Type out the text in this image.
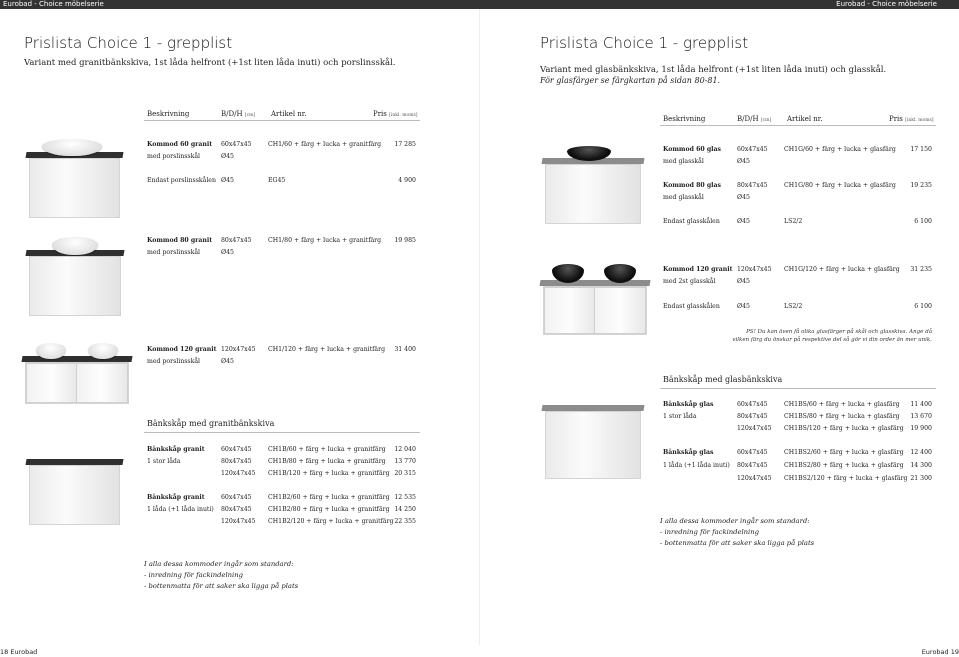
Eurobad - Choice möbelserie	Eurobad - Choice möbelserie
Prislista Choice 1 - grepplist
Variant med granitbänkskiva, 1st låda helfront (+1st liten låda inuti) och porslinsskål.
Beskrivning	B/D/H [cm] Artikel nr.	Pris [inkl. moms]
Kommod 60 granit 60x47x45	CH1/60 + färg + lucka + granitfärg	17 285
med porslinsskål	Ø45
Endast porslinsskålen Ø45	EG45	4 900
Kommod 80 granit 80x47x45	CH1/80 + färg + lucka + granitfärg	19 985
med porslinsskål	Ø45
Kommod 120 granit 120x47x45 CH1/120 + färg + lucka + granitfärg	31 400
med porslinsskål	Ø45
Bänkskåp med granitbänkskiva
Bänkskåp granit	60x47x45	CH1B/60 + färg + lucka + granitfärg	12 040
1 stor låda	80x47x45	CH1B/80 + färg + lucka + granitfärg	13 770
120x47x45 CH1B/120 + färg + lucka + granitfärg 20 315
Bänkskåp granit	60x47x45	CH1B2/60 + färg + lucka + granitfärg 12 535
1 låda (+1 låda inuti) 80x47x45	CH1B2/80 + färg + lucka + granitfärg 14 250
120x47x45 CH1B2/120 + färg + lucka + granitfärg 22 355
I alla dessa kommoder ingår som standard:
- inredning för fackindelning
- bottenmatta för att saker ska ligga på plats
Prislista Choice 1 - grepplist
Variant med glasbänkskiva, 1st låda helfront (+1st liten låda inuti) och glasskål.
För glasfärger se färgkartan på sidan 80-81.
Beskrivning	B/D/H [cm] Artikel nr.	Pris [inkl. moms]
Kommod 60 glas	60x47x45	CH1G/60 + färg + lucka + glasfärg	17 150
med glasskål	Ø45
Kommod 80 glas	80x47x45	CH1G/80 + färg + lucka + glasfärg	19 235
med glasskål	Ø45
Endast glasskålen	Ø45	LS2/2	6 100
Kommod 120 granit 120x47x45 CH1G/120 + färg + lucka + glasfärg	31 235
med 2st glasskål	Ø45
Endast glasskålen	Ø45	LS2/2	6 100
PS! Du kan även få olika glasfärger på skål och glasskiva. Ange då
vilken färg du önskar på respektive del så gör vi din order än mer unik.
Bänkskåp med glasbänkskiva
Bänkskåp glas	60x47x45	CH1BS/60 + färg + lucka + glasfärg	11 400
1 stor låda	80x47x45	CH1BS/80 + färg + lucka + glasfärg	13 670
120x47x45 CH1BS/120 + färg + lucka + glasfärg	19 900
Bänkskåp glas	60x47x45	CH1BS2/60 + färg + lucka + glasfärg	12 400
1 låda (+1 låda inuti) 80x47x45	CH1BS2/80 + färg + lucka + glasfärg	14 300
120x47x45 CH1BS2/120 + färg + lucka + glasfärg 21 300
I alla dessa kommoder ingår som standard:
- inredning för fackindelning
- bottenmatta för att saker ska ligga på plats
18 Eurobad	Eurobad 19
